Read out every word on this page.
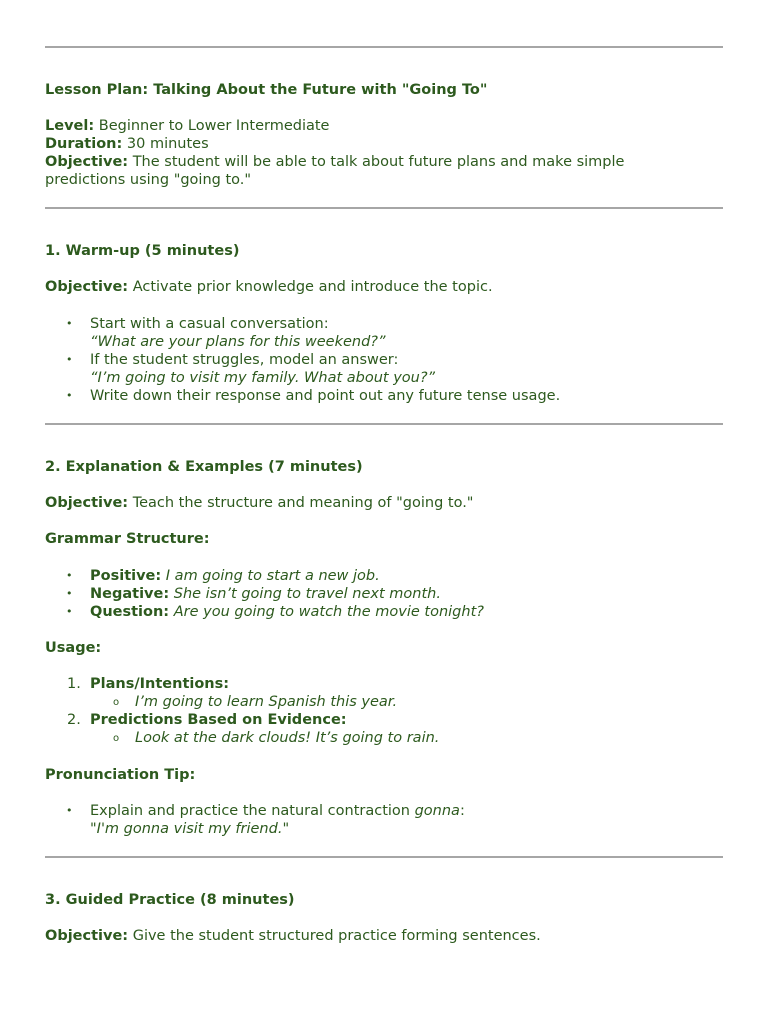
Lesson Plan: Talking About the Future with "Going To"
Level: Beginner to Lower Intermediate
Duration: 30 minutes
Objective: The student will be able to talk about future plans and make simple
predictions using "going to."
1. Warm-up (5 minutes)
Objective: Activate prior knowledge and introduce the topic.
• Start with a casual conversation:
“What are your plans for this weekend?”
• If the student struggles, model an answer:
“I’m going to visit my family. What about you?”
• Write down their response and point out any future tense usage.
2. Explanation & Examples (7 minutes)
Objective: Teach the structure and meaning of "going to."
Grammar Structure:
• Positive: I am going to start a new job.
• Negative: She isn’t going to travel next month.
• Question: Are you going to watch the movie tonight?
Usage:
1. Plans/Intentions:
o I’m going to learn Spanish this year.
2. Predictions Based on Evidence:
o Look at the dark clouds! It’s going to rain.
Pronunciation Tip:
• Explain and practice the natural contraction gonna:
"I'm gonna visit my friend."
3. Guided Practice (8 minutes)
Objective: Give the student structured practice forming sentences.
